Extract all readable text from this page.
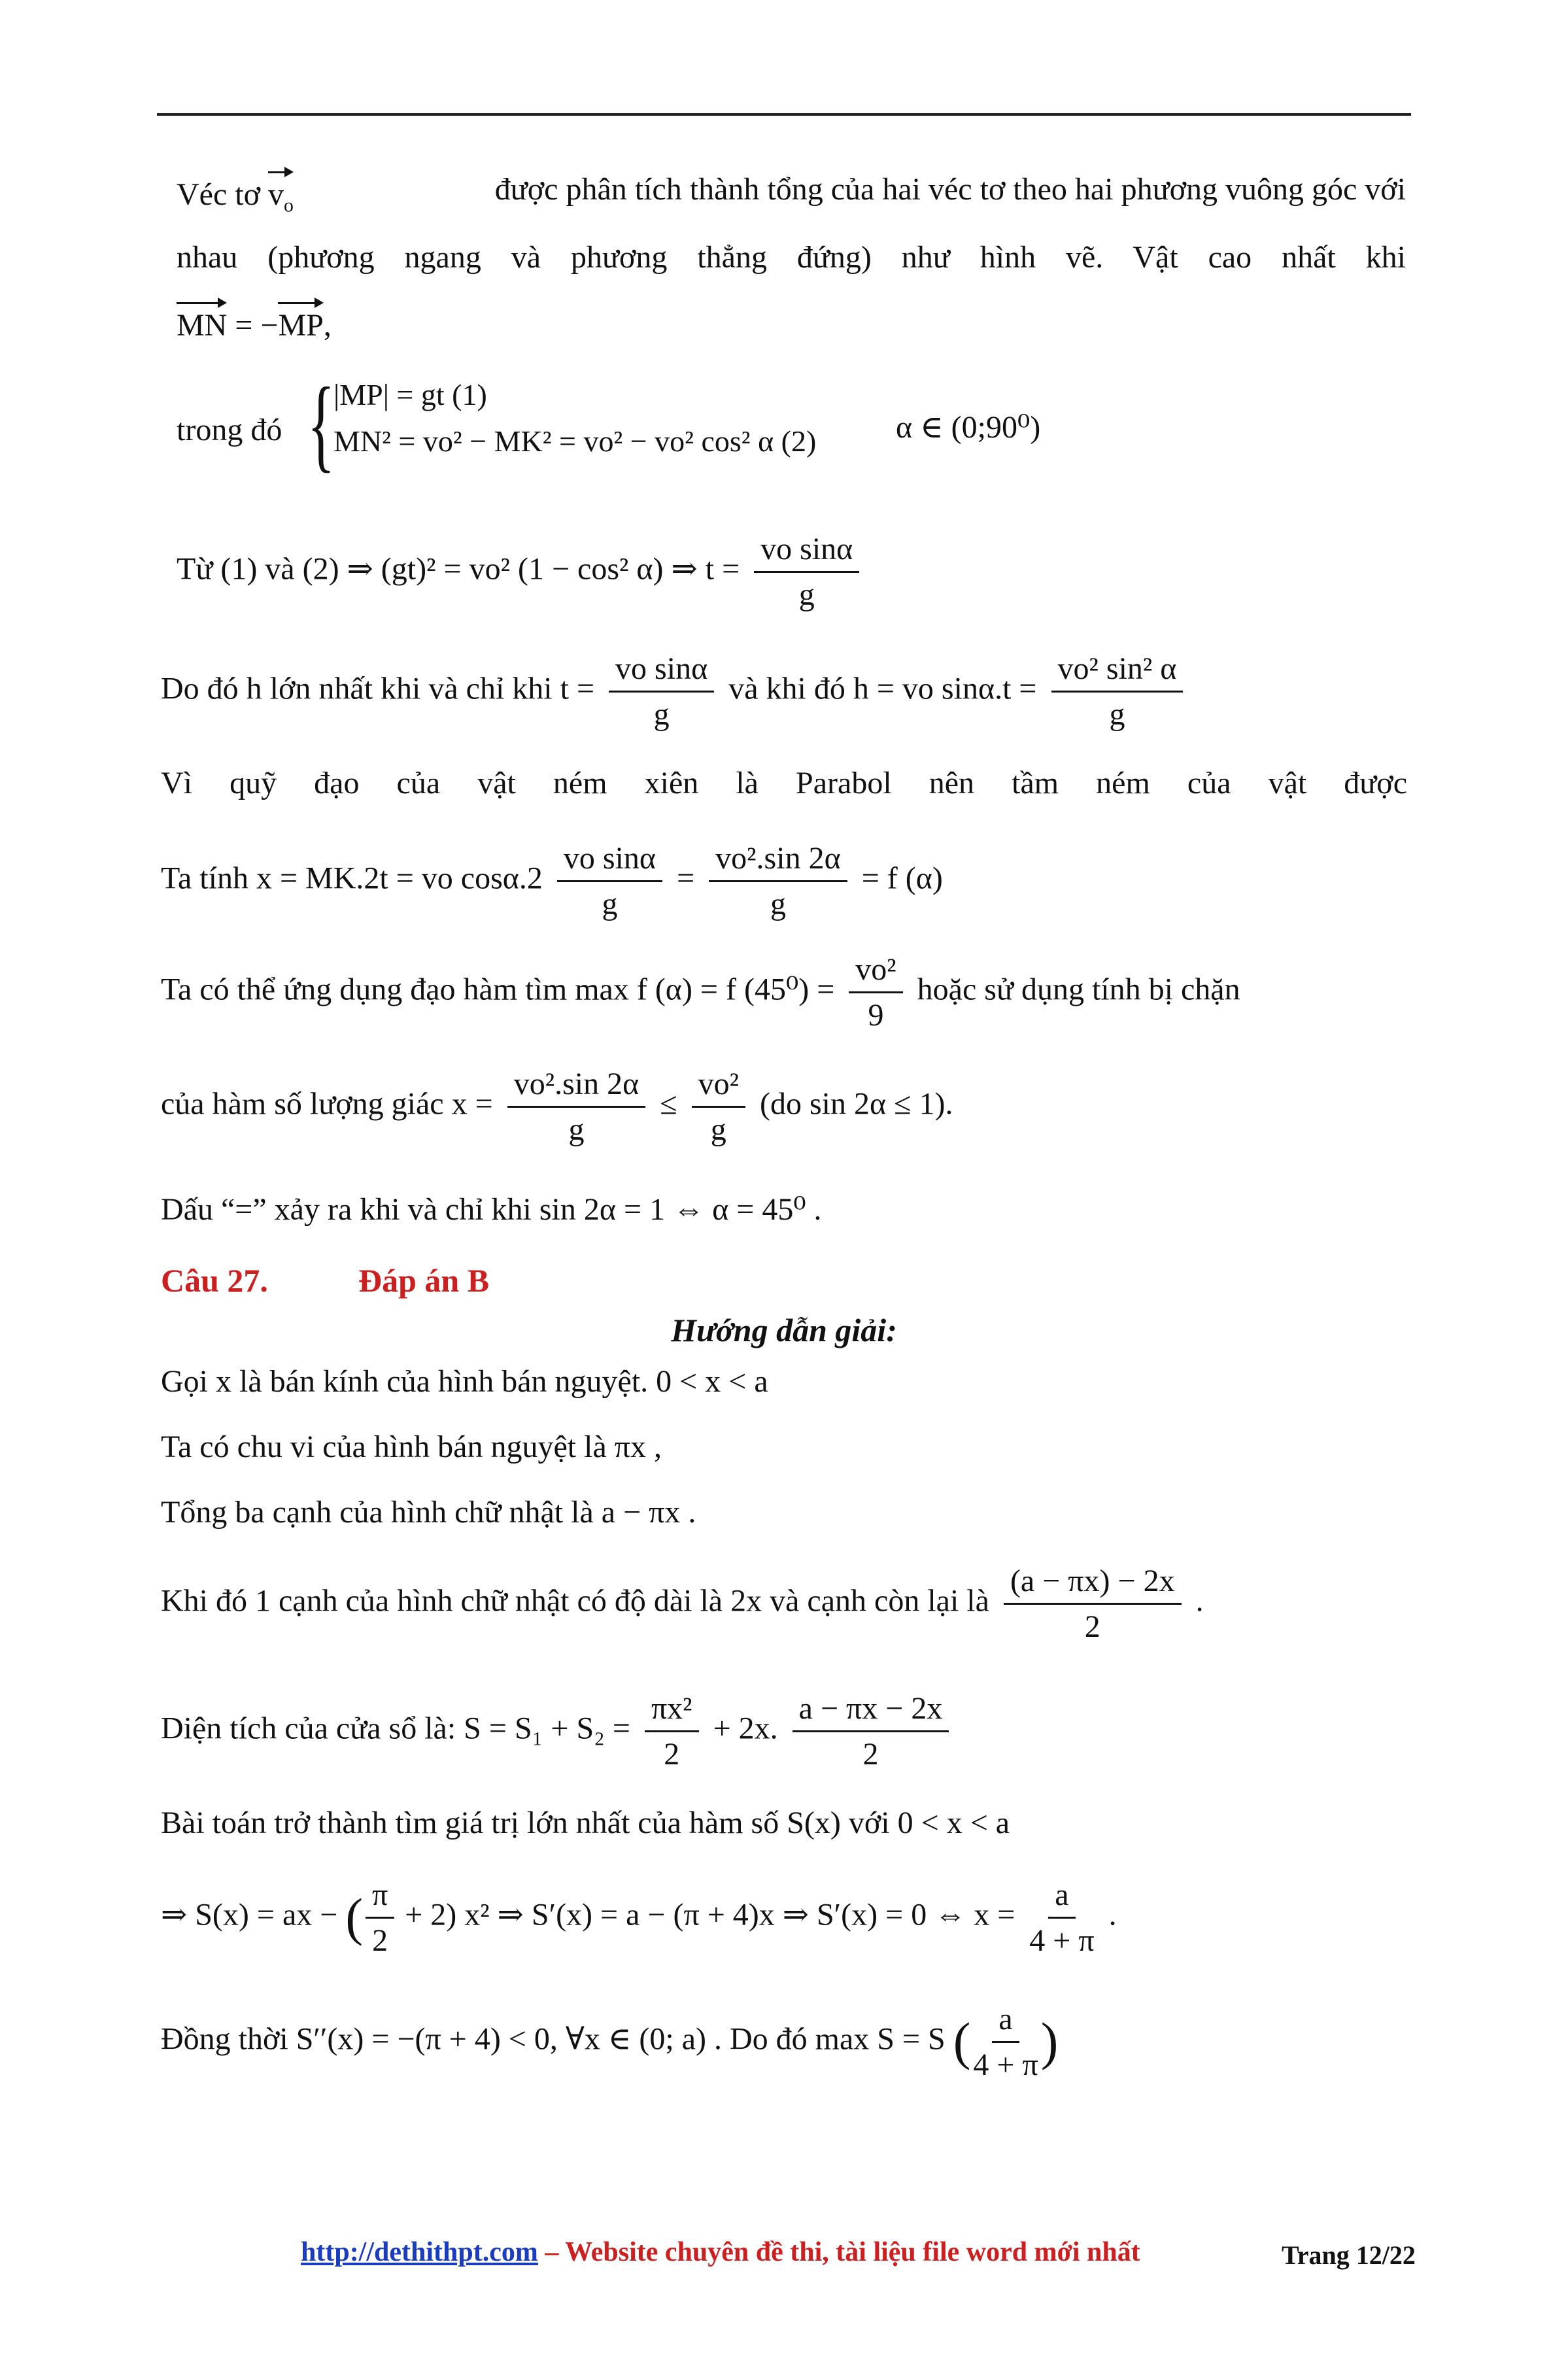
Véc tơ $v_o$	được phân tích thành tổng của hai véc tơ theo hai phương vuông góc với
nhau (phương ngang và phương thẳng đứng) như hình vẽ. Vật cao nhất khi
MN = −MP,
trong đó {
|MP| = gt (1)
MN² = vo² − MK² = vo² − vo² cos² α (2)	α ∈ (0;90⁰)
Từ (1) và (2) ⇒ (gt)² = vo² (1 − cos² α) ⇒ $t = \frac{\text{vo sinα}}{g}$
Do đó h lớn nhất khi và chỉ khi $t = \frac{\text{vo sinα}}{g}$ và khi đó h = vo $\sin\alpha.t = \frac{\text{vo² sin² α}}{g}$
Vì quỹ đạo của vật ném xiên là Parabol nên tầm ném của vật được
Ta tính x = MK.2t = vo $\cos\alpha.2 \frac{\text{vo sinα}}{g} = \frac{\text{vo².sin 2α}}{g} = f$ (α)
Ta có thể ứng dụng đạo hàm tìm max f (α) = f $(45^0) = \frac{\text{vo²}}{9}$ hoặc sử dụng tính bị chặn
của hàm số lượng giác $x = \frac{\text{vo².sin 2α}}{g} \le \frac{\text{vo²}}{g} (do$ sin 2α ≤ 1).
Dấu “=” xảy ra khi và chỉ khi sin 2α = 1 ⇔ α = 45⁰ .
Câu 27.	Đáp án B
Hướng dẫn giải:
Gọi x là bán kính của hình bán nguyệt. 0 < x < a
Ta có chu vi của hình bán nguyệt là πx ,
Tổng ba cạnh của hình chữ nhật là a − πx .
Khi đó 1 cạnh của hình chữ nhật có độ dài là 2x và cạnh còn lại là $\frac{(a - \pi x) - 2x}{2}$ .
Diện tích của cửa sổ là: $S = S_1 + S_2 = \frac{\text{πx²}}{2} + 2x$. $\frac{a - \pi x - 2x}{2}$
Bài toán trở thành tìm giá trị lớn nhất của hàm số S(x) với 0 < x < a
⇒ S(x) = ax − ( $\frac{\pi}{2} + 2$) x² ⇒ S′(x) = a − (π + 4)x ⇒ S′(x) = 0 ⇔ $x = \frac{a}{4 + \pi}$ .
Đồng thời S′′(x) = −(π + 4) < 0, ∀x ∈ (0; a) . Do đó max S = S ( $\frac{a}{4 + \pi}$ )
http://dethithpt.com – Website chuyên đề thi, tài liệu file word mới nhất	Trang 12/22
